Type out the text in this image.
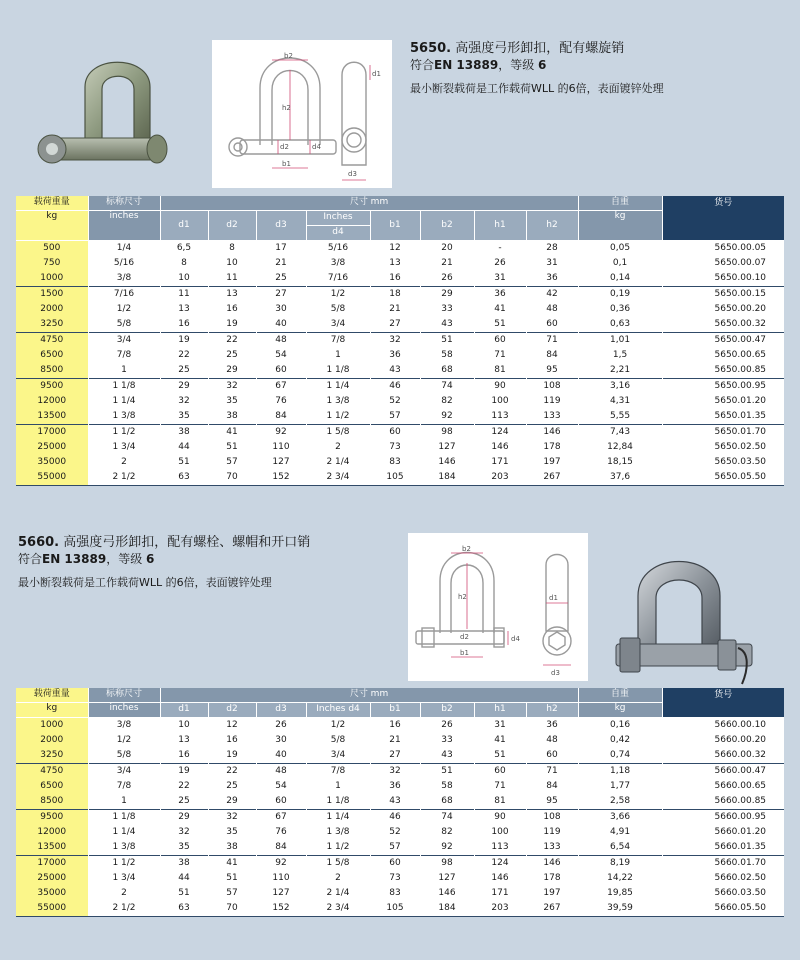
b2
h2
d2	d4
b1
d1
d3
5650. 高强度弓形卸扣，配有螺旋销
符合EN 13889，等级 6
最小断裂载荷是工作载荷WLL 的6倍，表面镀锌处理
载荷重量	标称尺寸	尺寸 mm								自重	货号
kg	inches	d1	d2	d3	Inches	b1	b2	h1	h2	kg	
					d4						
500	1/4	6,5	8	17	5/16	12	20	-	28	0,05	5650.00.05
750	5/16	8	10	21	3/8	13	21	26	31	0,1	5650.00.07
1000	3/8	10	11	25	7/16	16	26	31	36	0,14	5650.00.10
1500	7/16	11	13	27	1/2	18	29	36	42	0,19	5650.00.15
2000	1/2	13	16	30	5/8	21	33	41	48	0,36	5650.00.20
3250	5/8	16	19	40	3/4	27	43	51	60	0,63	5650.00.32
4750	3/4	19	22	48	7/8	32	51	60	71	1,01	5650.00.47
6500	7/8	22	25	54	1	36	58	71	84	1,5	5650.00.65
8500	1	25	29	60	1 1/8	43	68	81	95	2,21	5650.00.85
9500	1 1/8	29	32	67	1 1/4	46	74	90	108	3,16	5650.00.95
12000	1 1/4	32	35	76	1 3/8	52	82	100	119	4,31	5650.01.20
13500	1 3/8	35	38	84	1 1/2	57	92	113	133	5,55	5650.01.35
17000	1 1/2	38	41	92	1 5/8	60	98	124	146	7,43	5650.01.70
25000	1 3/4	44	51	110	2	73	127	146	178	12,84	5650.02.50
35000	2	51	57	127	2 1/4	83	146	171	197	18,15	5650.03.50
55000	2 1/2	63	70	152	2 3/4	105	184	203	267	37,6	5650.05.50
5660. 高强度弓形卸扣，配有螺栓、螺帽和开口销
符合EN 13889，等级 6
最小断裂载荷是工作载荷WLL 的6倍，表面镀锌处理
b2
h2
d2	d4
b1
d1
d3
载荷重量	标称尺寸	尺寸 mm								自重	货号
kg	inches	d1	d2	d3	Inches d4	b1	b2	h1	h2	kg	
1000	3/8	10	12	26	1/2	16	26	31	36	0,16	5660.00.10
2000	1/2	13	16	30	5/8	21	33	41	48	0,42	5660.00.20
3250	5/8	16	19	40	3/4	27	43	51	60	0,74	5660.00.32
4750	3/4	19	22	48	7/8	32	51	60	71	1,18	5660.00.47
6500	7/8	22	25	54	1	36	58	71	84	1,77	5660.00.65
8500	1	25	29	60	1 1/8	43	68	81	95	2,58	5660.00.85
9500	1 1/8	29	32	67	1 1/4	46	74	90	108	3,66	5660.00.95
12000	1 1/4	32	35	76	1 3/8	52	82	100	119	4,91	5660.01.20
13500	1 3/8	35	38	84	1 1/2	57	92	113	133	6,54	5660.01.35
17000	1 1/2	38	41	92	1 5/8	60	98	124	146	8,19	5660.01.70
25000	1 3/4	44	51	110	2	73	127	146	178	14,22	5660.02.50
35000	2	51	57	127	2 1/4	83	146	171	197	19,85	5660.03.50
55000	2 1/2	63	70	152	2 3/4	105	184	203	267	39,59	5660.05.50
